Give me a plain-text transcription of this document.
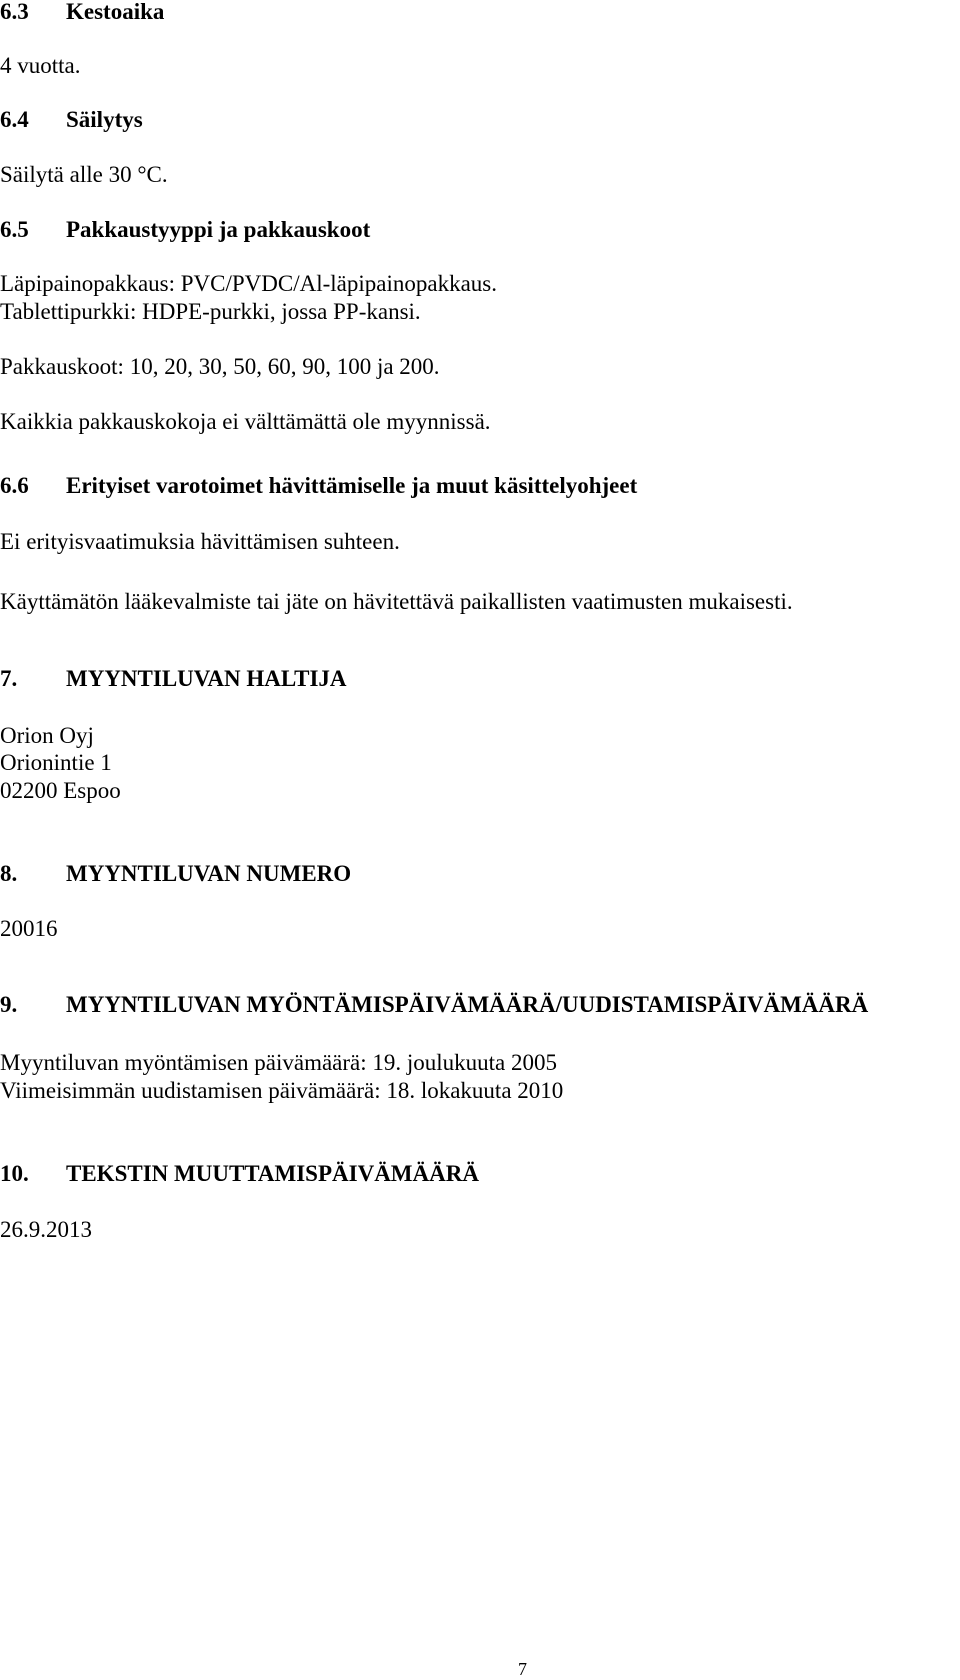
6.3 Kestoaika
4 vuotta.
6.4 Säilytys
Säilytä alle 30 °C.
6.5 Pakkaustyyppi ja pakkauskoot
Läpipainopakkaus: PVC/PVDC/Al-läpipainopakkaus.
Tablettipurkki: HDPE-purkki, jossa PP-kansi.
Pakkauskoot: 10, 20, 30, 50, 60, 90, 100 ja 200.
Kaikkia pakkauskokoja ei välttämättä ole myynnissä.
6.6 Erityiset varotoimet hävittämiselle ja muut käsittelyohjeet
Ei erityisvaatimuksia hävittämisen suhteen.
Käyttämätön lääkevalmiste tai jäte on hävitettävä paikallisten vaatimusten mukaisesti.
7. MYYNTILUVAN HALTIJA
Orion Oyj
Orionintie 1
02200 Espoo
8. MYYNTILUVAN NUMERO
20016
9. MYYNTILUVAN MYÖNTÄMISPÄIVÄMÄÄRÄ/UUDISTAMISPÄIVÄMÄÄRÄ
Myyntiluvan myöntämisen päivämäärä: 19. joulukuuta 2005
Viimeisimmän uudistamisen päivämäärä: 18. lokakuuta 2010
10. TEKSTIN MUUTTAMISPÄIVÄMÄÄRÄ
26.9.2013
7
